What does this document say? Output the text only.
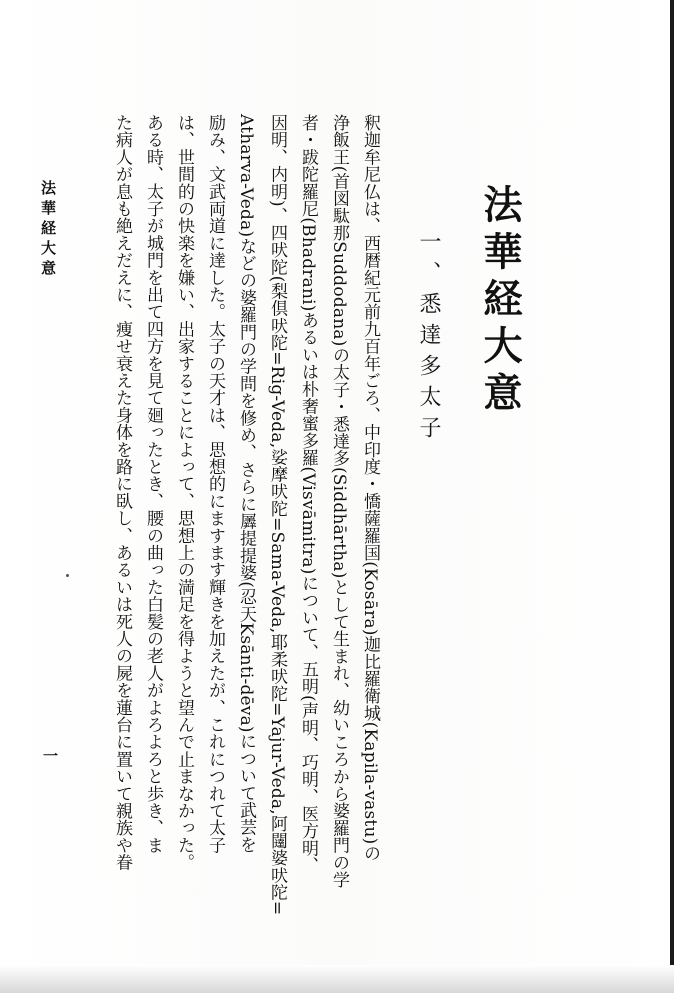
法華経大意
一、悉達多太子
釈迦牟尼仏は、西暦紀元前九百年ごろ、中印度・憍薩羅国(Kosāra)迦比羅衛城(Kapila-vastu)の
浄飯王(首図駄那Suddodana)の太子・悉達多(Siddhārtha)として生まれ、幼いころから婆羅門の学
者・跋陀羅尼(Bhadrani)あるいは朴奢蜜多羅(Visvāmitra)について、五明(声明、巧明、医方明、
因明、内明)、四吠陀(梨倶吠陀=Rig-Veda,娑摩吠陀=Sama-Veda,耶柔吠陀=Yajur-Veda,阿闥婆吠陀=
Atharva-Veda)などの婆羅門の学問を修め、さらに羼提提婆(忍天Ksānti-dēva)について武芸を
励み、文武両道に達した。太子の天才は、思想的にますます輝きを加えたが、これにつれて太子
は、世間的の快楽を嫌い、出家することによって、思想上の満足を得ようと望んで止まなかった。
ある時、太子が城門を出て四方を見て廻ったとき、腰の曲った白髪の老人がよろよろと歩き、ま
た病人が息も絶えだえに、痩せ衰えた身体を路に臥し、あるいは死人の屍を蓮台に置いて親族や眷
法華経大意
一
